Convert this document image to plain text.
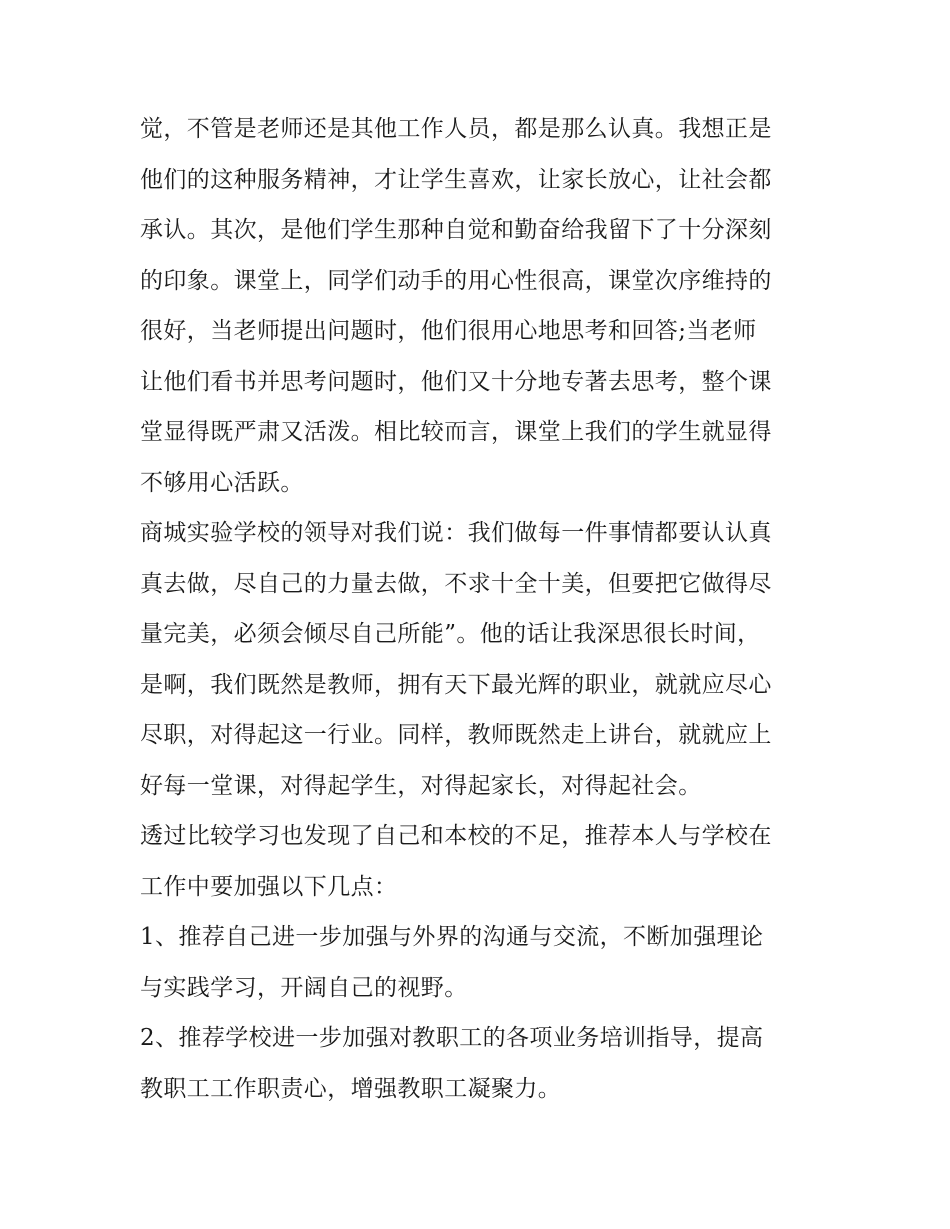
觉，不管是老师还是其他工作人员，都是那么认真。我想正是
他们的这种服务精神，才让学生喜欢，让家长放心，让社会都
承认。其次，是他们学生那种自觉和勤奋给我留下了十分深刻
的印象。课堂上，同学们动手的用心性很高，课堂次序维持的
很好，当老师提出问题时，他们很用心地思考和回答;当老师
让他们看书并思考问题时，他们又十分地专著去思考，整个课
堂显得既严肃又活泼。相比较而言，课堂上我们的学生就显得
不够用心活跃。
商城实验学校的领导对我们说：我们做每一件事情都要认认真
真去做，尽自己的力量去做，不求十全十美，但要把它做得尽
量完美，必须会倾尽自己所能”。他的话让我深思很长时间，
是啊，我们既然是教师，拥有天下最光辉的职业，就就应尽心
尽职，对得起这一行业。同样，教师既然走上讲台，就就应上
好每一堂课，对得起学生，对得起家长，对得起社会。
透过比较学习也发现了自己和本校的不足，推荐本人与学校在
工作中要加强以下几点：
1、推荐自己进一步加强与外界的沟通与交流，不断加强理论
与实践学习，开阔自己的视野。
2、推荐学校进一步加强对教职工的各项业务培训指导，提高
教职工工作职责心，增强教职工凝聚力。
